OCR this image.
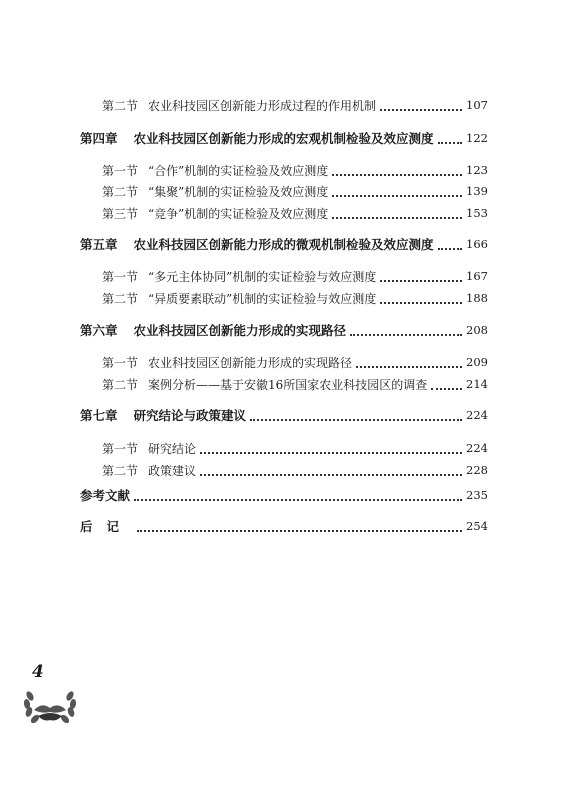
第二节 农业科技园区创新能力形成过程的作用机制	107
第四章 农业科技园区创新能力形成的宏观机制检验及效应测度	122
第一节 “合作”机制的实证检验及效应测度	123
第二节 “集聚”机制的实证检验及效应测度	139
第三节 “竞争”机制的实证检验及效应测度	153
第五章 农业科技园区创新能力形成的微观机制检验及效应测度	166
第一节 “多元主体协同”机制的实证检验与效应测度	167
第二节 “异质要素联动”机制的实证检验与效应测度	188
第六章 农业科技园区创新能力形成的实现路径	208
第一节 农业科技园区创新能力形成的实现路径	209
第二节 案例分析——基于安徽16所国家农业科技园区的调查	214
第七章 研究结论与政策建议	224
第一节 研究结论	224
第二节 政策建议	228
参考文献	235
后记	254
4
